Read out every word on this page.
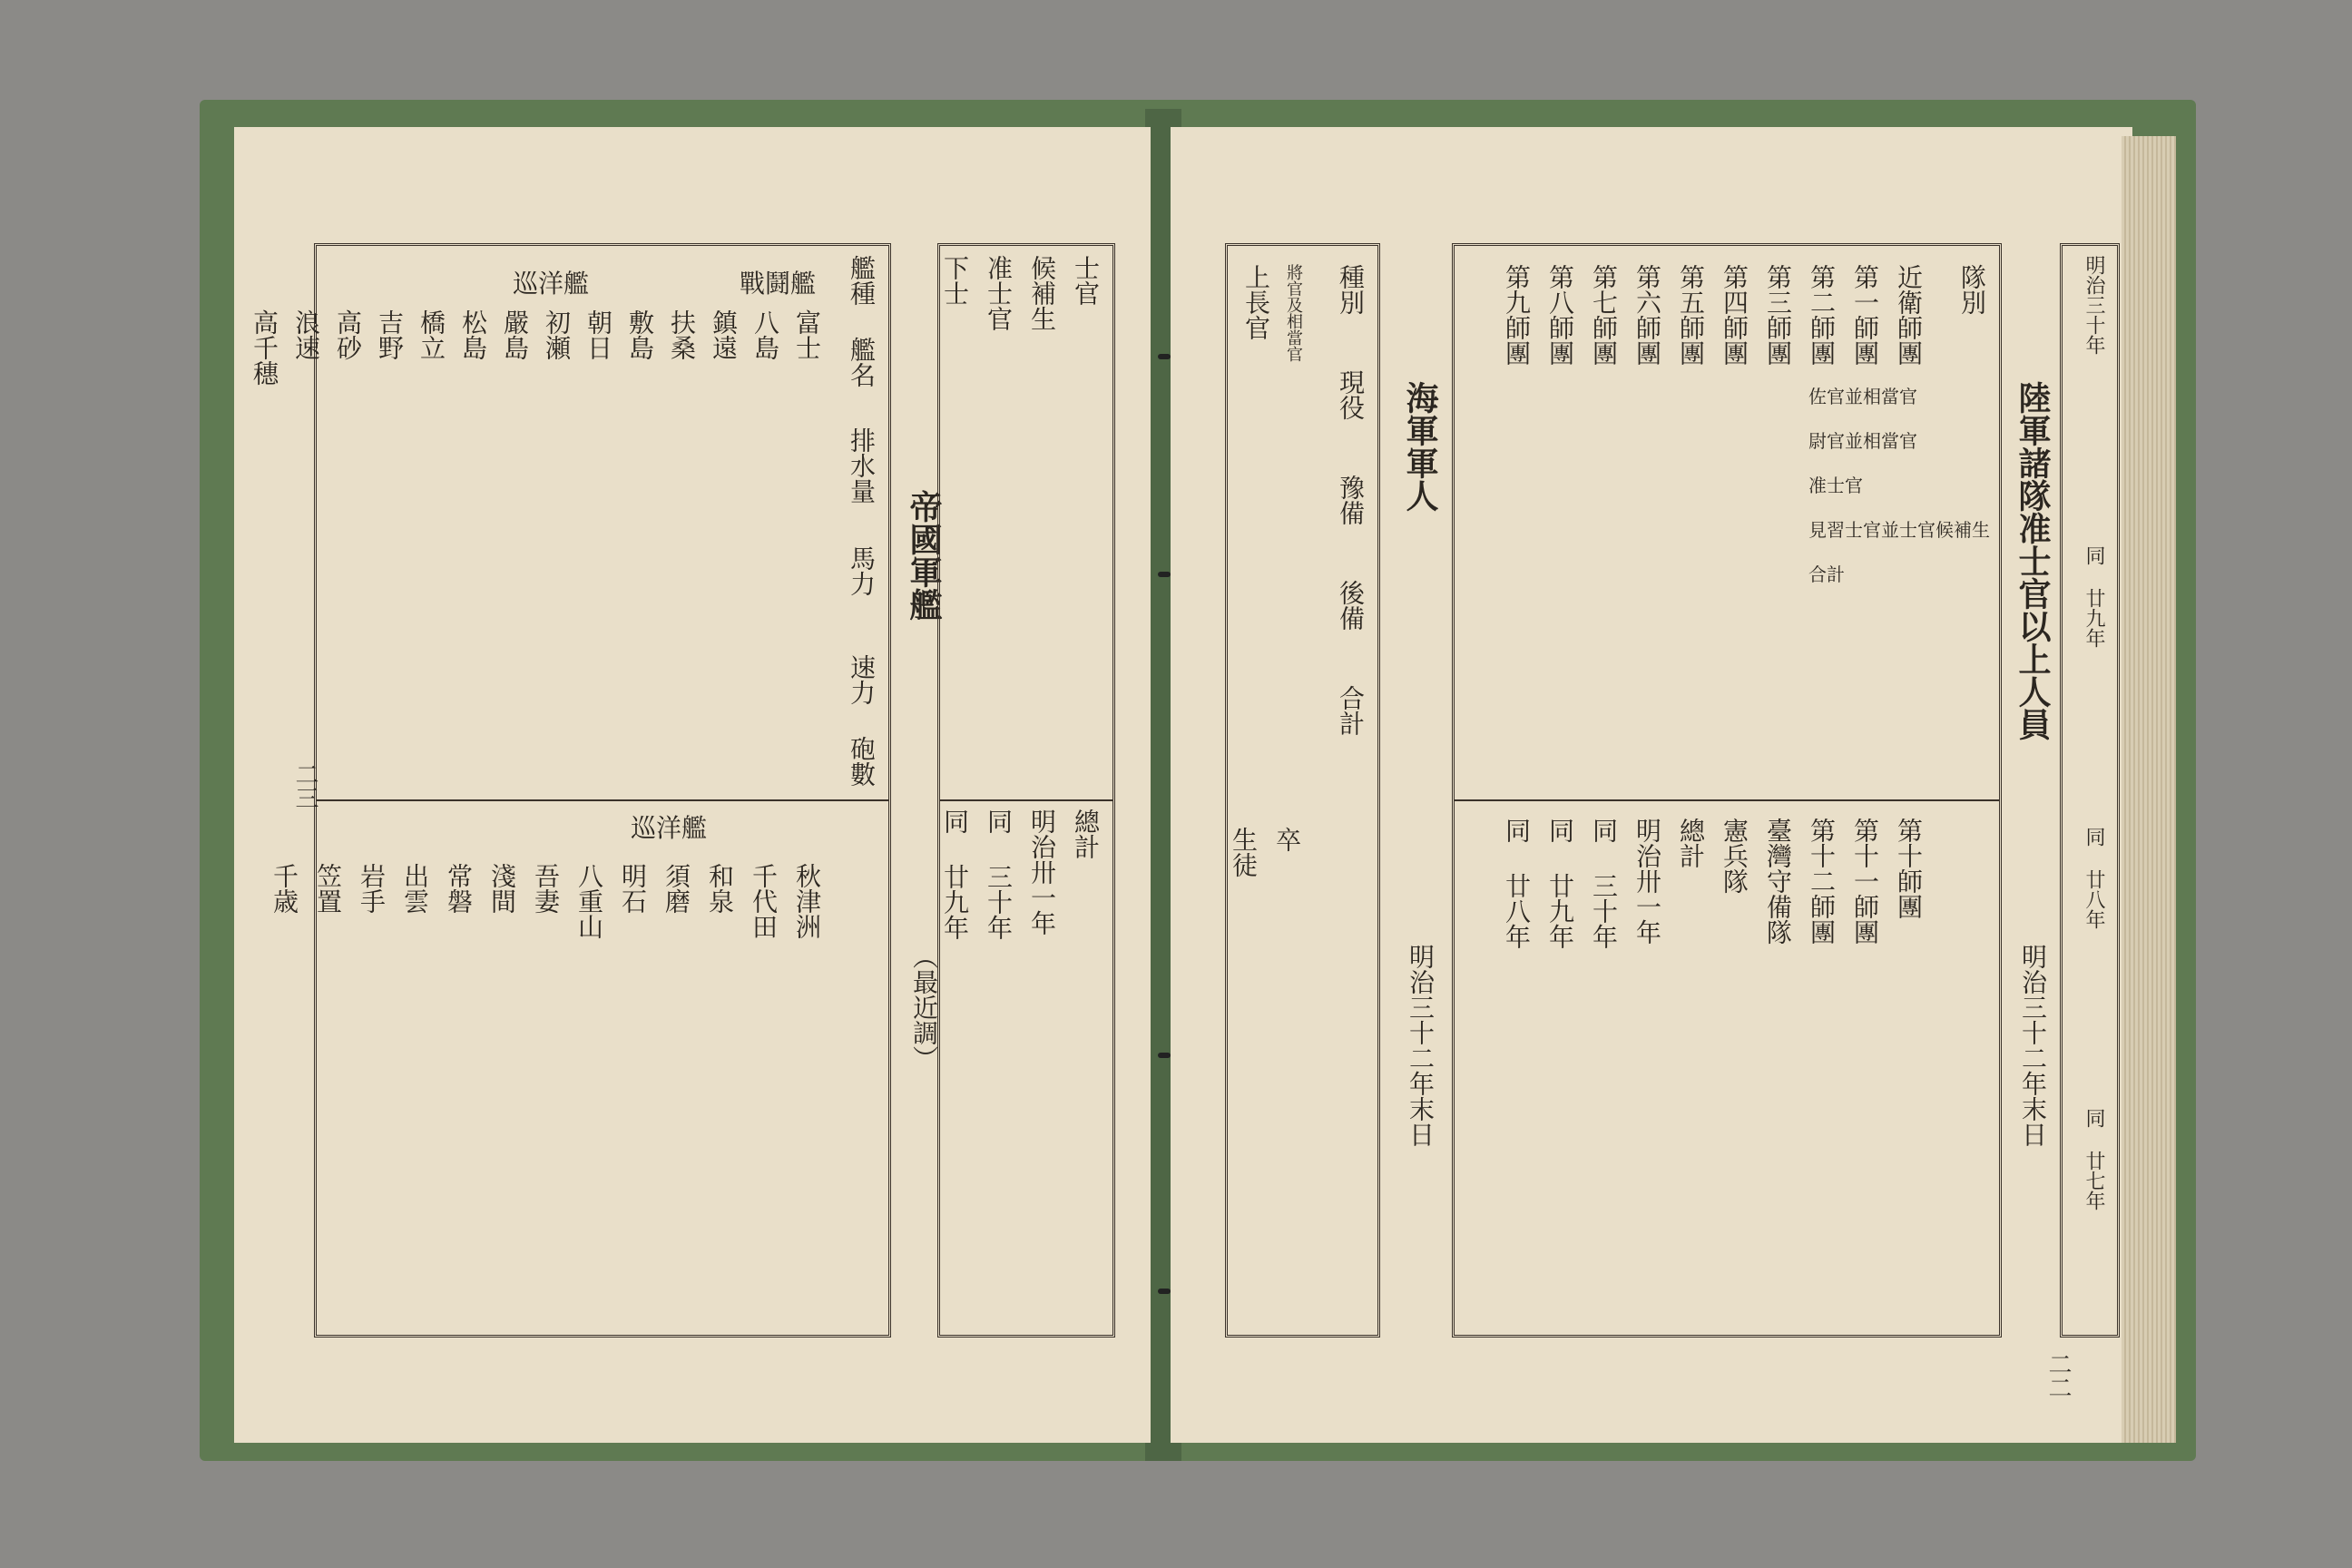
艦種
艦名
排水量
馬力
速力
砲數
戰鬪艦
巡洋艦
富士
八島
鎮遠
扶桑
敷島
朝日
初瀬
嚴島
松島
橋立
吉野
高砂
浪速
高千穗
巡洋艦
秋津洲
千代田
和泉
須磨
明石
八重山
吾妻
淺間
常磐
出雲
岩手
笠置
千歳
帝國軍艦
（最近調）
士官
候補生
准士官
下士
總計
明治卅一年
同 三十年
同 廿九年
二三
隊別
佐官並相當官
尉官並相當官
准士官
見習士官並士官候補生
合計
近衛師團
第一師團
第二師團
第三師團
第四師團
第五師團
第六師團
第七師團
第八師團
第九師團
第十師團
第十一師團
第十二師團
臺灣守備隊
憲兵隊
總計
明治卅一年
同 三十年
同 廿九年
同 廿八年
陸軍諸隊准士官以上人員
明治三十二年末日
明治三十年
同 廿九年
同 廿八年
同 廿七年
種別
現役
豫備
後備
合計
將官及相當官
上長官
卒
生徒
海軍軍人
明治三十二年末日
二二
